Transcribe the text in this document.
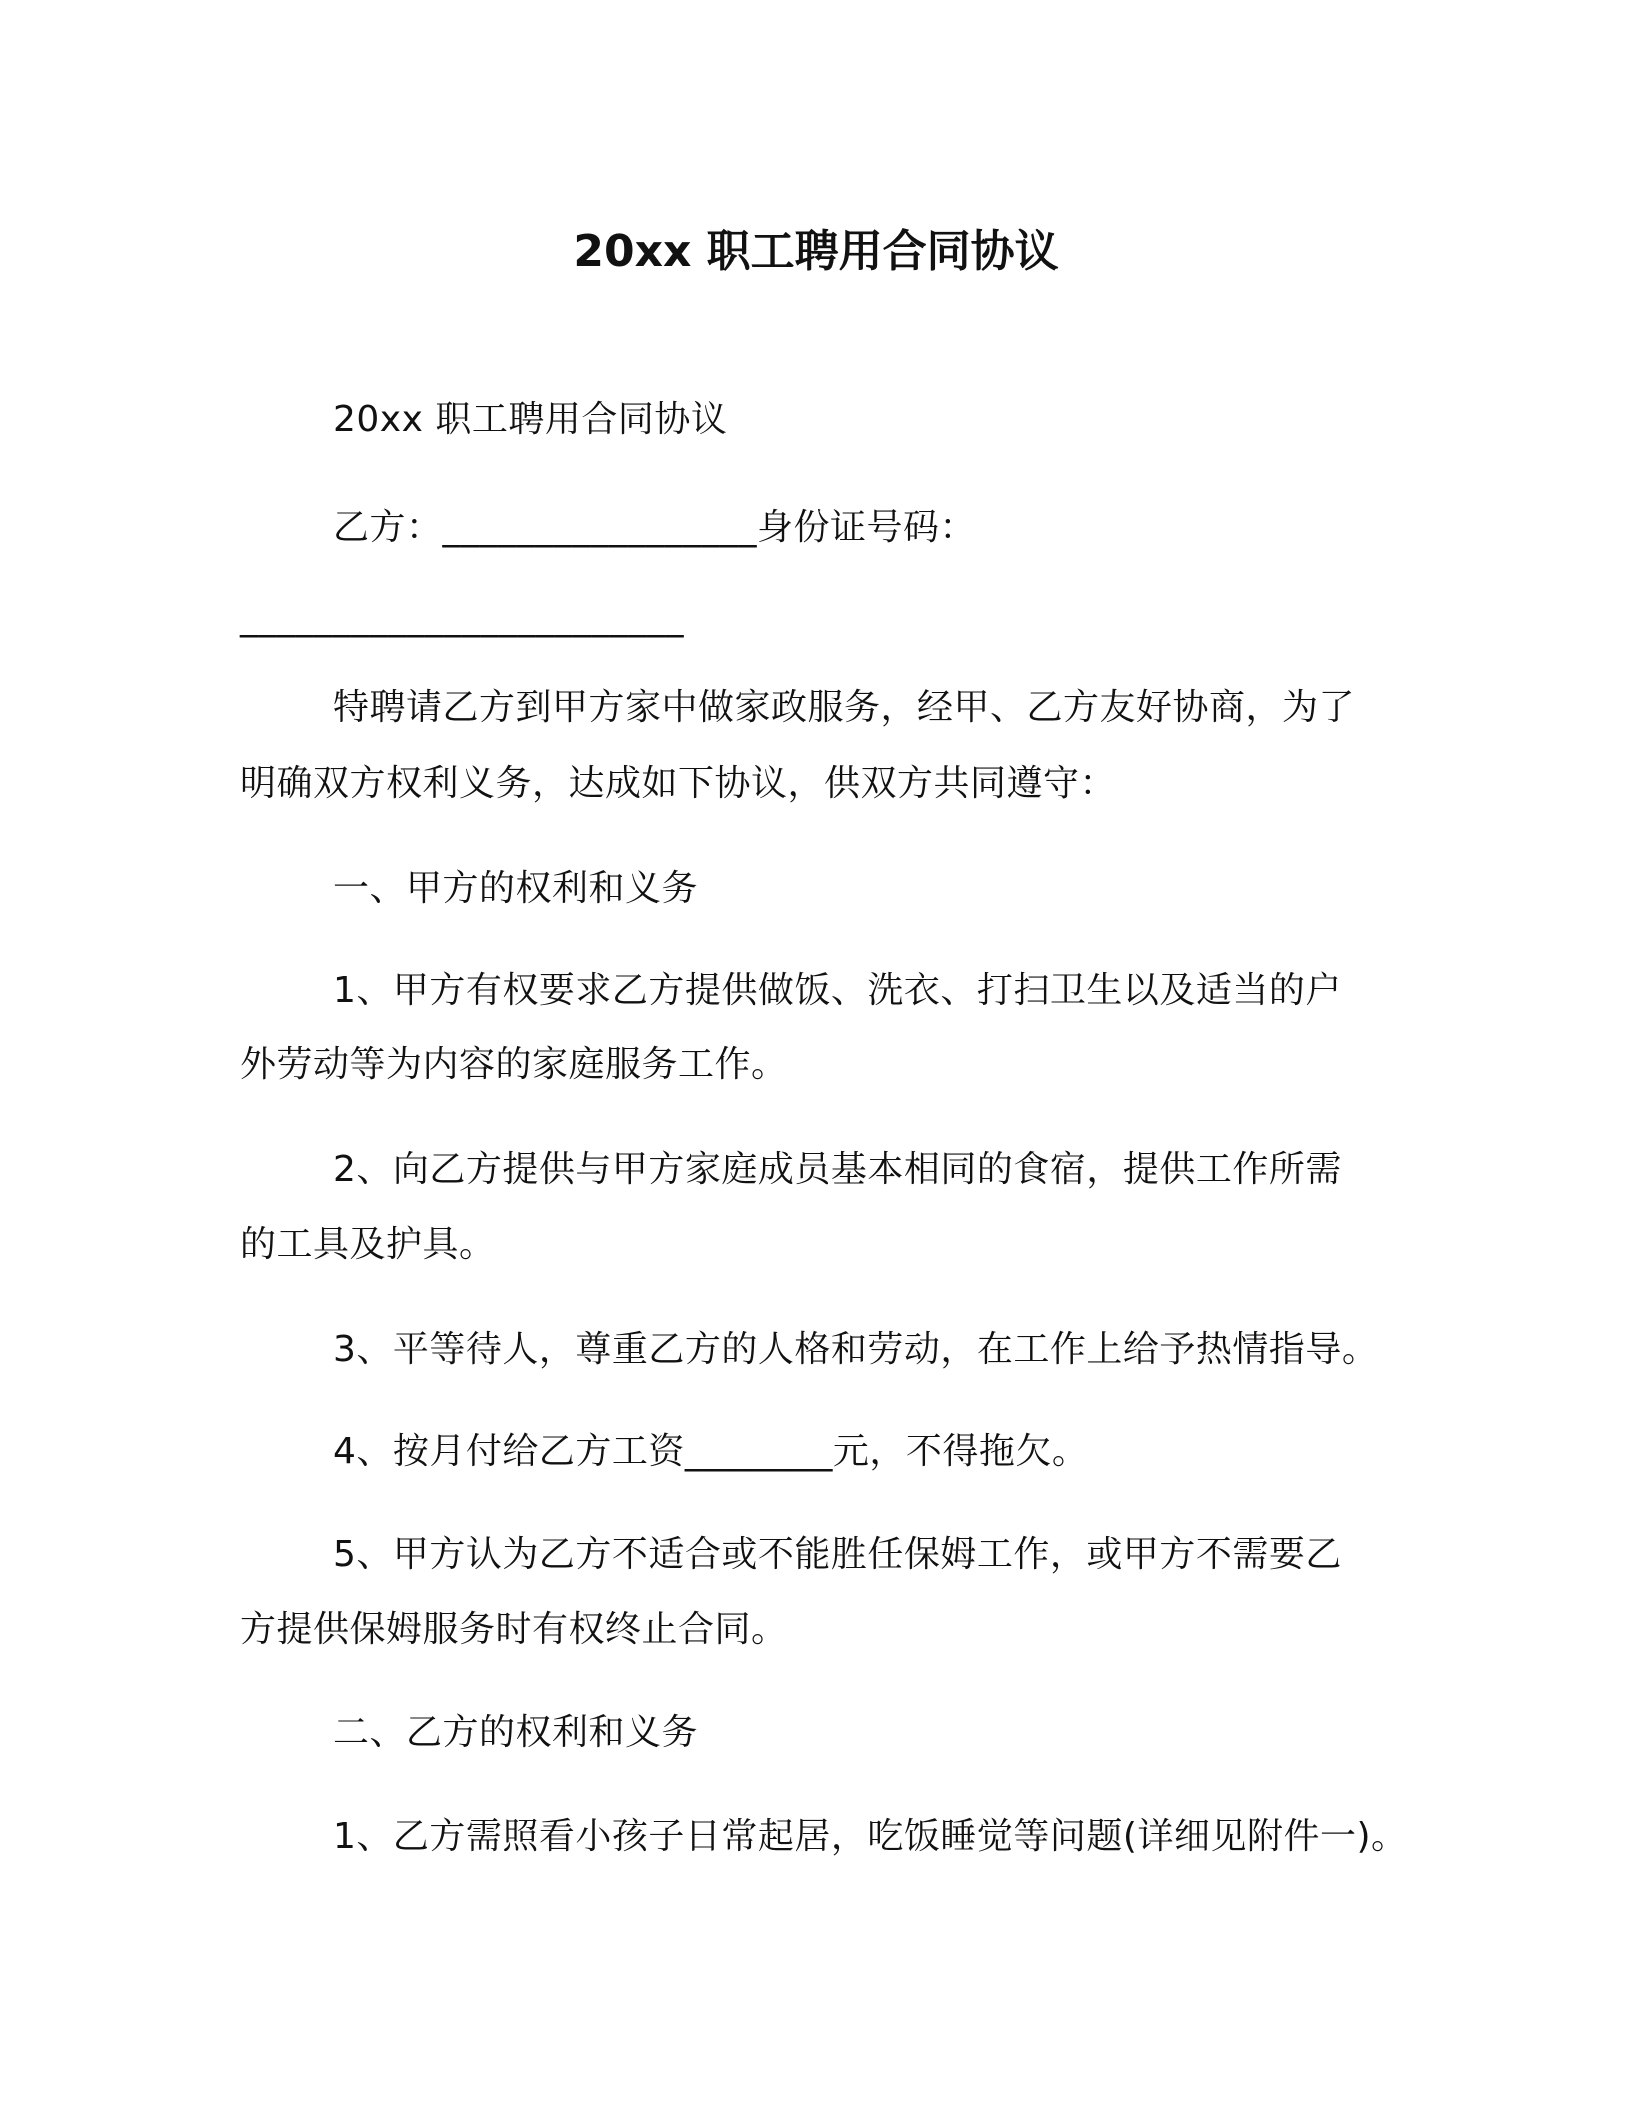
20xx 职工聘用合同协议
20xx 职工聘用合同协议
乙方：_________________身份证号码：
________________________
特聘请乙方到甲方家中做家政服务，经甲、乙方友好协商，为了
明确双方权利义务，达成如下协议，供双方共同遵守：
一、甲方的权利和义务
1、甲方有权要求乙方提供做饭、洗衣、打扫卫生以及适当的户
外劳动等为内容的家庭服务工作。
2、向乙方提供与甲方家庭成员基本相同的食宿，提供工作所需
的工具及护具。
3、平等待人，尊重乙方的人格和劳动，在工作上给予热情指导。
4、按月付给乙方工资________元，不得拖欠。
5、甲方认为乙方不适合或不能胜任保姆工作，或甲方不需要乙
方提供保姆服务时有权终止合同。
二、乙方的权利和义务
1、乙方需照看小孩子日常起居，吃饭睡觉等问题(详细见附件一)。
